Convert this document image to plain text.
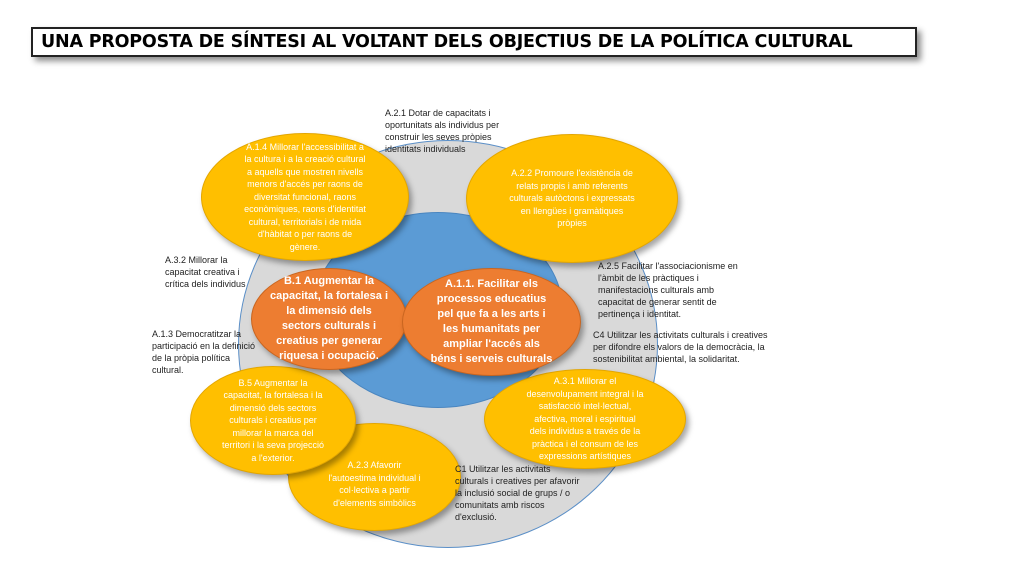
UNA PROPOSTA DE SÍNTESI AL VOLTANT DELS OBJECTIUS DE LA POLÍTICA CULTURAL
A.1.4 Millorar l'accessibilitat a
la cultura i a la creació cultural
a aquells que mostren nivells
menors d'accés per raons de
diversitat funcional, raons
econòmiques, raons d'identitat
cultural, territorials i de mida
d'hàbitat o per raons de
gènere.
A.2.2 Promoure l'existència de
relats propis i amb referents
culturals autòctons i expressats
en llengües i gramàtiques
pròpies
A.2.3 Afavorir
l'autoestima individual i
col·lectiva a partir
d'elements simbòlics
B.5 Augmentar la
capacitat, la fortalesa i la
dimensió dels sectors
culturals i creatius per
millorar la marca del
territori i la seva projecció
a l'exterior.
A.3.1 Millorar el
desenvolupament integral i la
satisfacció intel·lectual,
afectiva, moral i espiritual
dels individus a través de la
pràctica i el consum de les
expressions artístiques
B.1 Augmentar la
capacitat, la fortalesa i
la dimensió dels
sectors culturals i
creatius per generar
riquesa i ocupació.
A.1.1. Facilitar els
processos educatius
pel que fa a les arts i
les humanitats per
ampliar l'accés als
béns i serveis culturals
A.2.1 Dotar de capacitats i
oportunitats als individus per
construir les seves pròpies
identitats individuals
A.2.5 Facilitar l'associacionisme en
l'àmbit de les pràctiques i
manifestacions culturals amb
capacitat de generar sentit de
pertinença i identitat.
C4 Utilitzar les activitats culturals i creatives
per difondre els valors de la democràcia, la
sostenibilitat ambiental, la solidaritat.
C1 Utilitzar les activitats
culturals i creatives per afavorir
la inclusió social de grups / o
comunitats amb riscos
d'exclusió.
A.3.2 Millorar la
capacitat creativa i
crítica dels individus
A.1.3 Democratitzar la
participació en la definició
de la pròpia política
cultural.
